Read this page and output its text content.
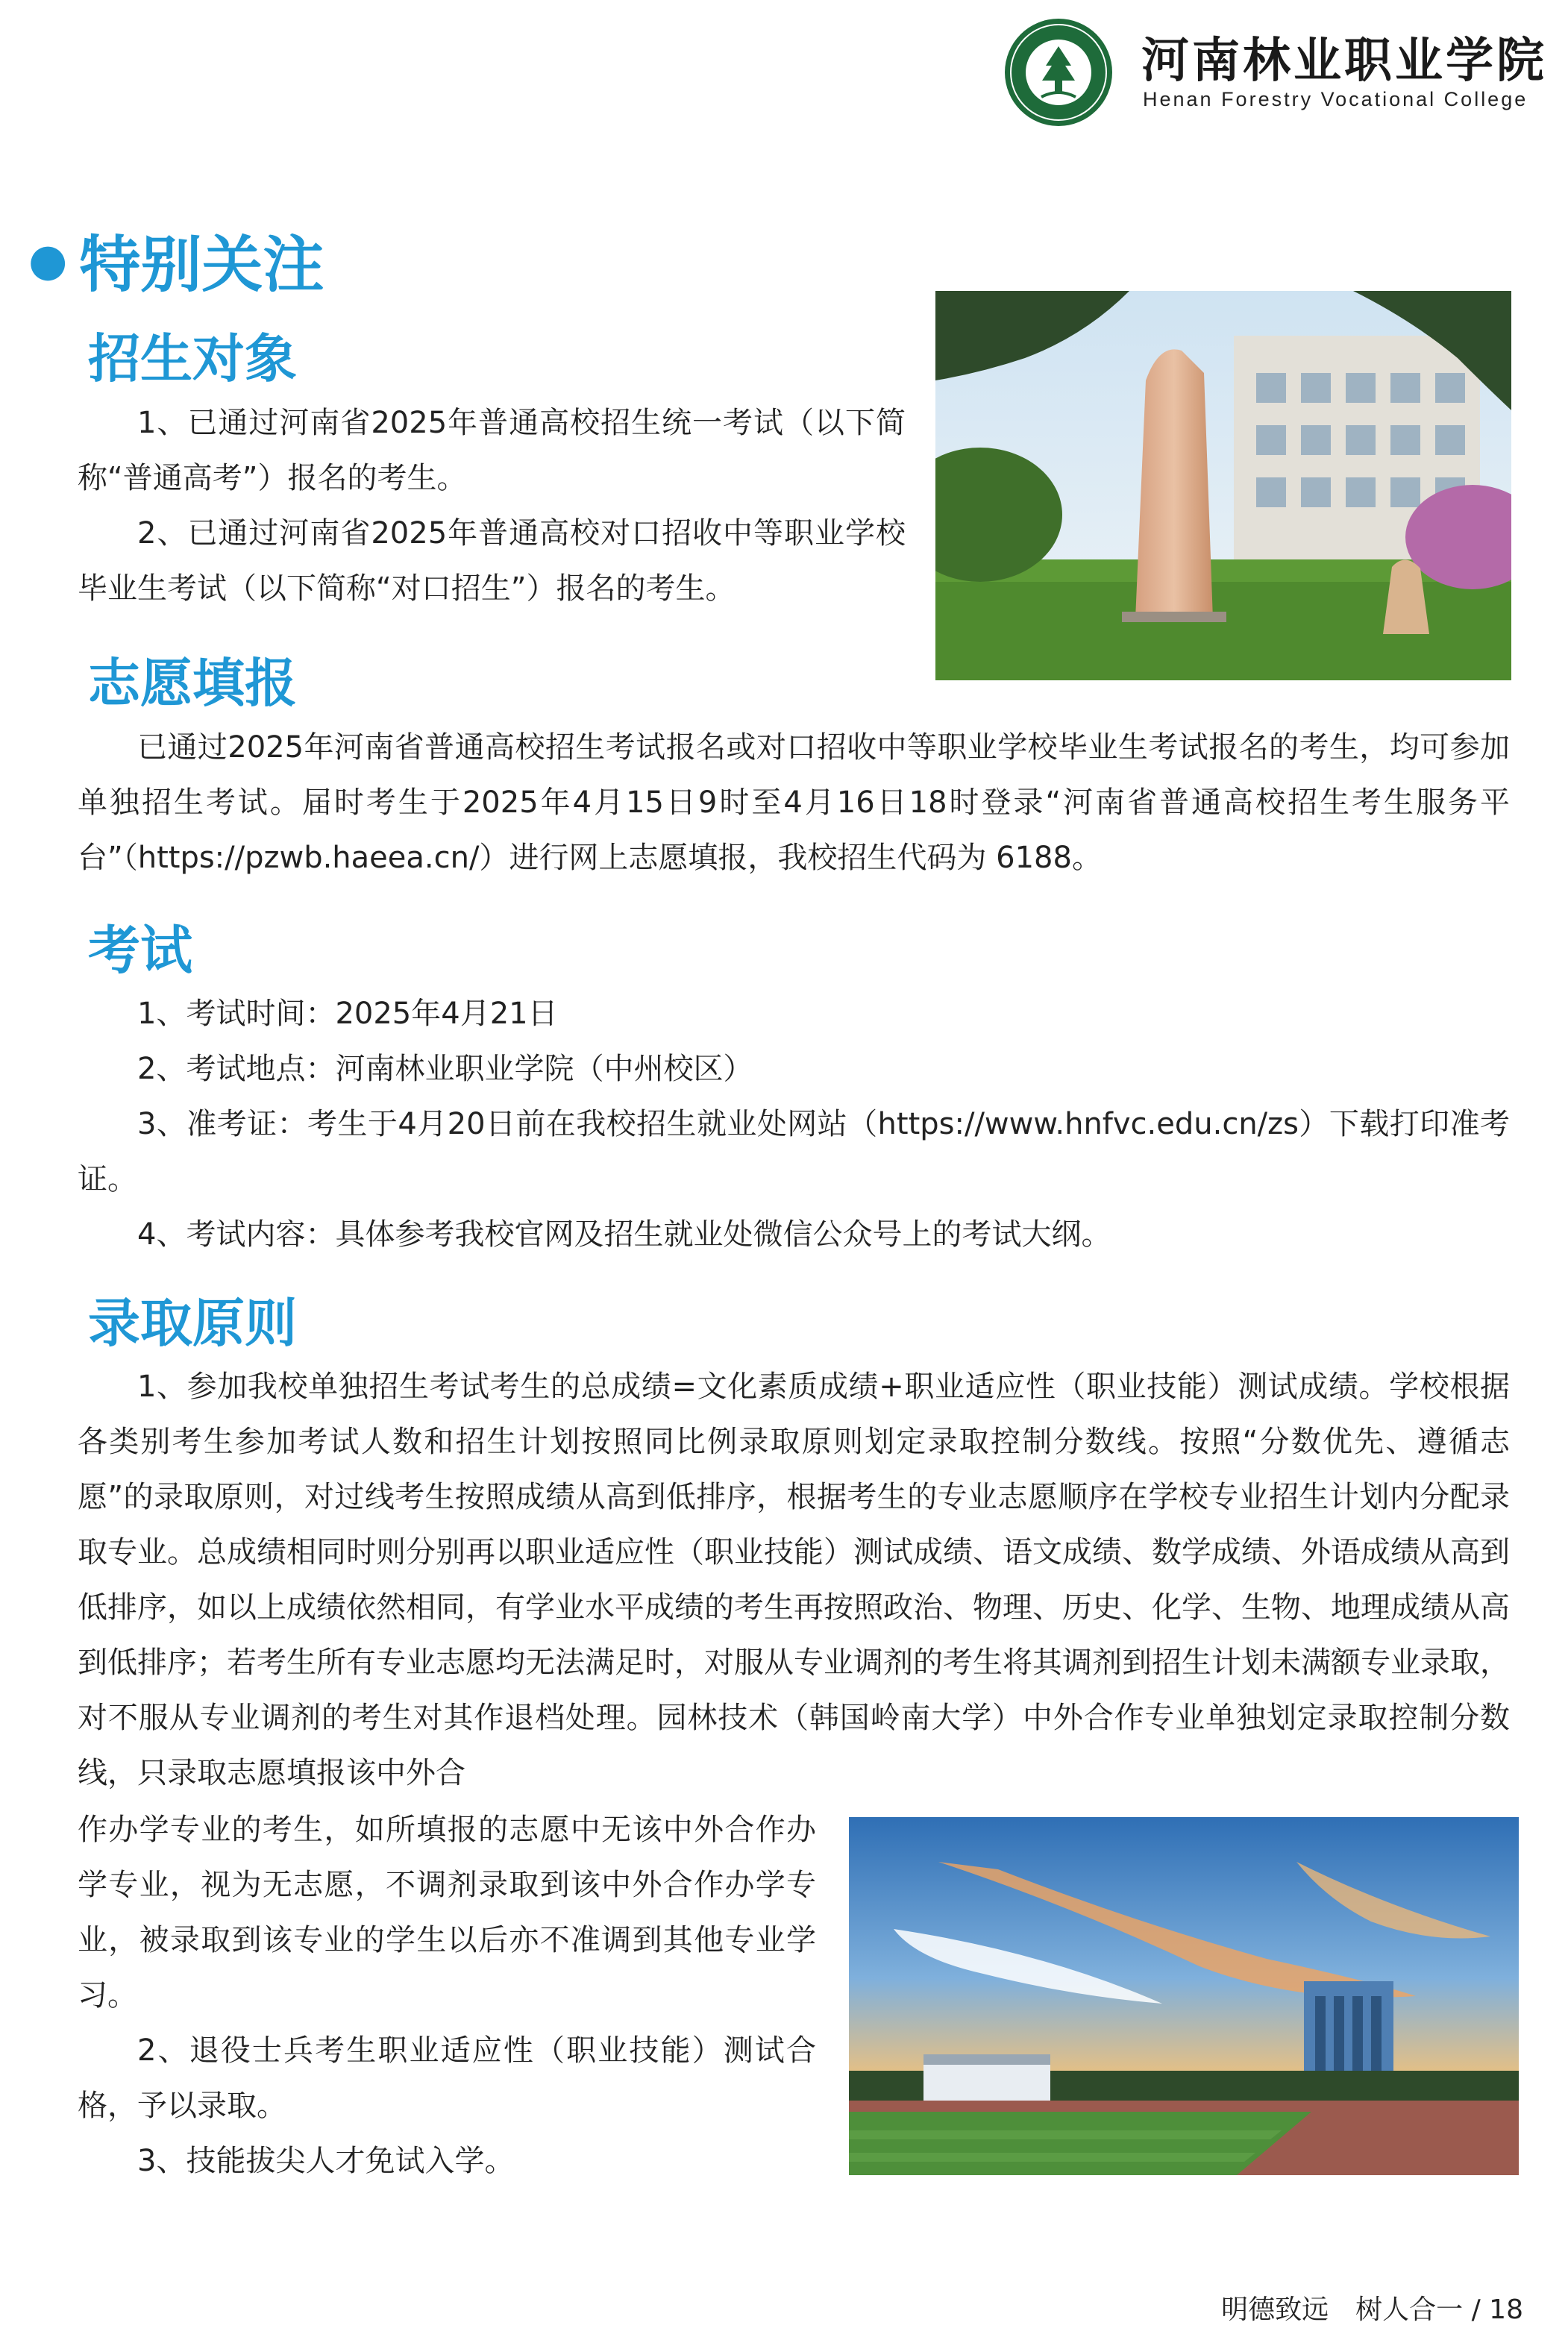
河南林业职业学院
Henan Forestry Vocational College
● 特别关注
招生对象

1、已通过河南省2025年普通高校招生统一考试（以下简称“普通高考”）报名的考生。

2、已通过河南省2025年普通高校对口招收中等职业学校毕业生考试（以下简称“对口招生”）报名的考生。

志愿填报

已通过2025年河南省普通高校招生考试报名或对口招收中等职业学校毕业生考试报名的考生，均可参加单独招生考试。届时考生于2025年4月15日9时至4月16日18时登录“河南省普通高校招生考生服务平台”（https://pzwb.haeea.cn/）进行网上志愿填报，我校招生代码为 6188。

考试

1、考试时间：2025年4月21日

2、考试地点：河南林业职业学院（中州校区）

3、准考证：考生于4月20日前在我校招生就业处网站（https://www.hnfvc.edu.cn/zs）下载打印准考证。

4、考试内容：具体参考我校官网及招生就业处微信公众号上的考试大纲。

录取原则

1、参加我校单独招生考试考生的总成绩=文化素质成绩+职业适应性（职业技能）测试成绩。学校根据各类别考生参加考试人数和招生计划按照同比例录取原则划定录取控制分数线。按照“分数优先、遵循志愿”的录取原则，对过线考生按照成绩从高到低排序，根据考生的专业志愿顺序在学校专业招生计划内分配录取专业。总成绩相同时则分别再以职业适应性（职业技能）测试成绩、语文成绩、数学成绩、外语成绩从高到低排序，如以上成绩依然相同，有学业水平成绩的考生再按照政治、物理、历史、化学、生物、地理成绩从高到低排序；若考生所有专业志愿均无法满足时，对服从专业调剂的考生将其调剂到招生计划未满额专业录取，对不服从专业调剂的考生对其作退档处理。园林技术（韩国岭南大学）中外合作专业单独划定录取控制分数线，只录取志愿填报该中外合

作办学专业的考生，如所填报的志愿中无该中外合作办学专业，视为无志愿，不调剂录取到该中外合作办学专业，被录取到该专业的学生以后亦不准调到其他专业学习。

2、退役士兵考生职业适应性（职业技能）测试合格，予以录取。

3、技能拔尖人才免试入学。

明德致远　树人合一 / 18
